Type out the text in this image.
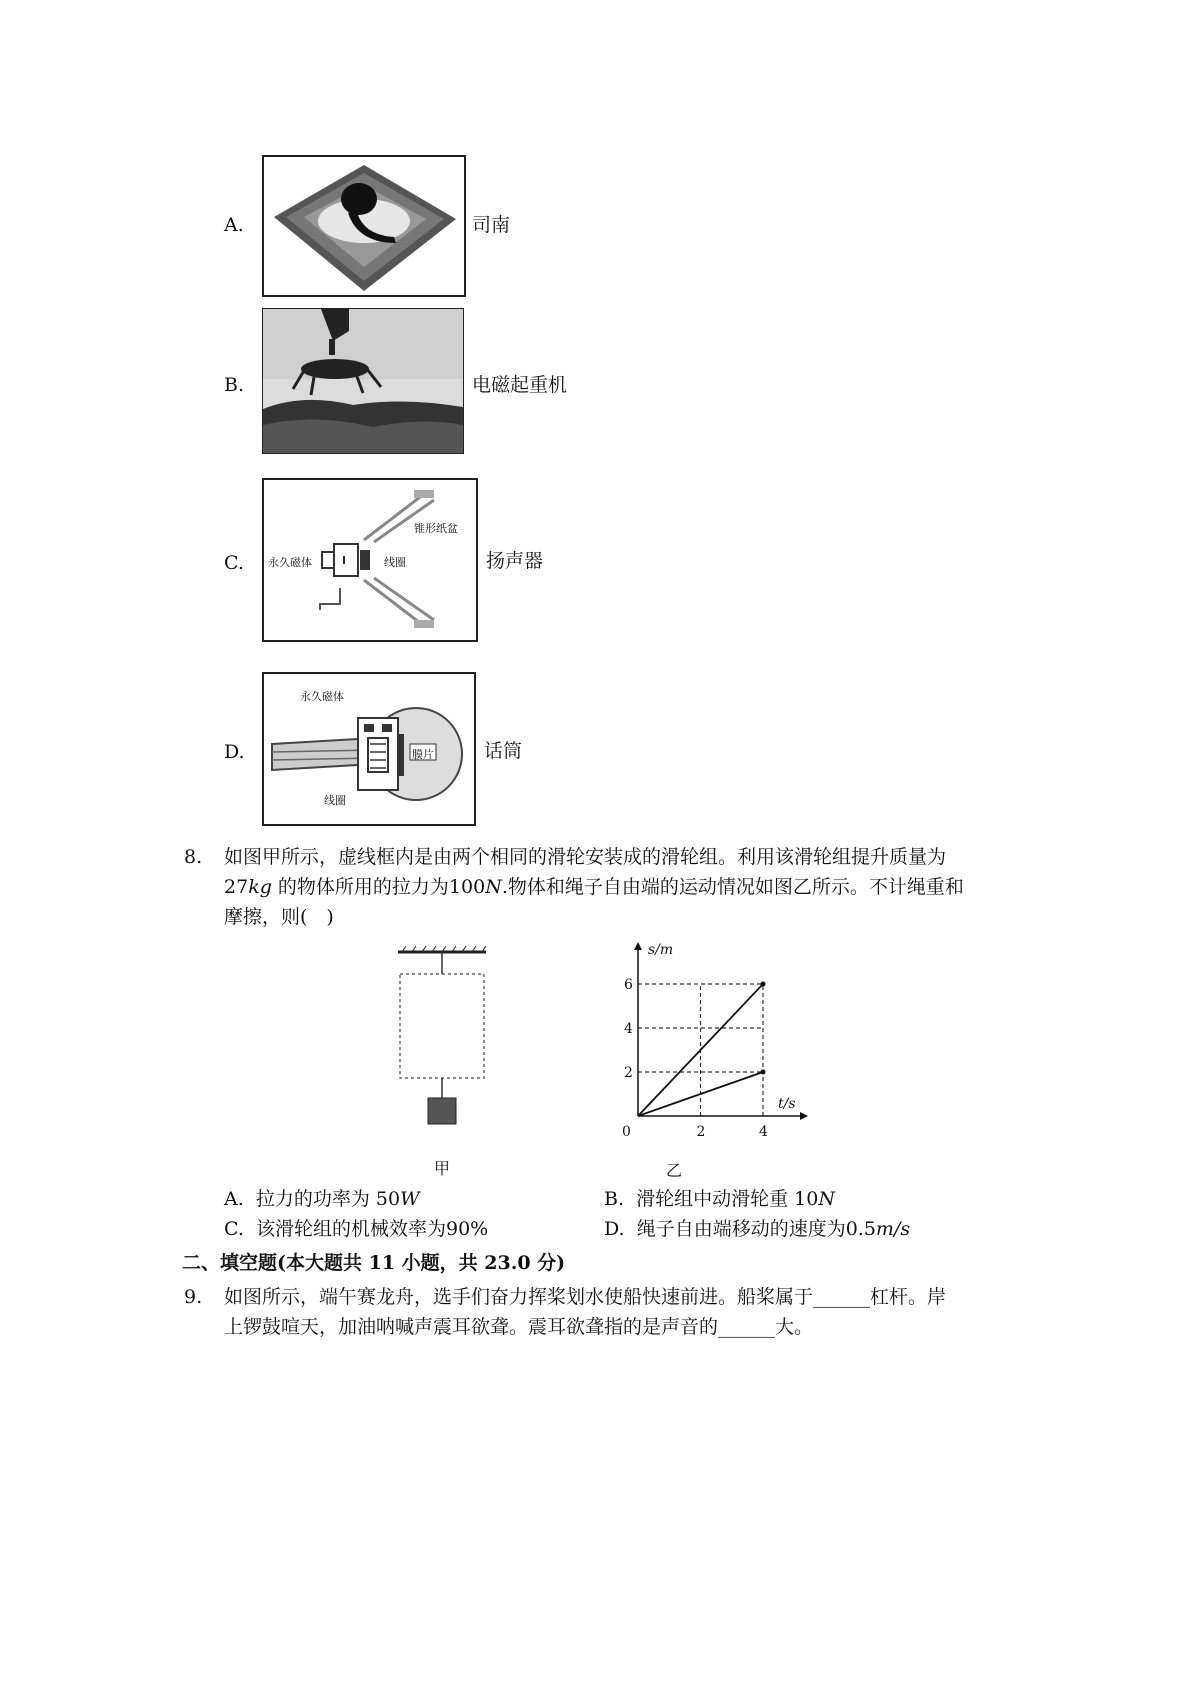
A.	司南
B.	电磁起重机
C.
锥形纸盆
永久磁体	线圈	扬声器
D.
永久磁体
膜片
线圈
话筒
8. 如图甲所示，虚线框内是由两个相同的滑轮安装成的滑轮组。利用该滑轮组提升质量为
27kg 的物体所用的拉力为100N.物体和绳子自由端的运动情况如图乙所示。不计绳重和
摩擦，则(　)
甲
2
4
6
2	4
0
s/m
t/s
乙
A. 拉力的功率为 50W	B. 滑轮组中动滑轮重 10N
C. 该滑轮组的机械效率为90%	D. 绳子自由端移动的速度为0.5m/s
二、填空题(本大题共 11 小题，共 23.0 分)
9. 如图所示，端午赛龙舟，选手们奋力挥桨划水使船快速前进。船桨属于______杠杆。岸
上锣鼓喧天，加油呐喊声震耳欲聋。震耳欲聋指的是声音的______大。
